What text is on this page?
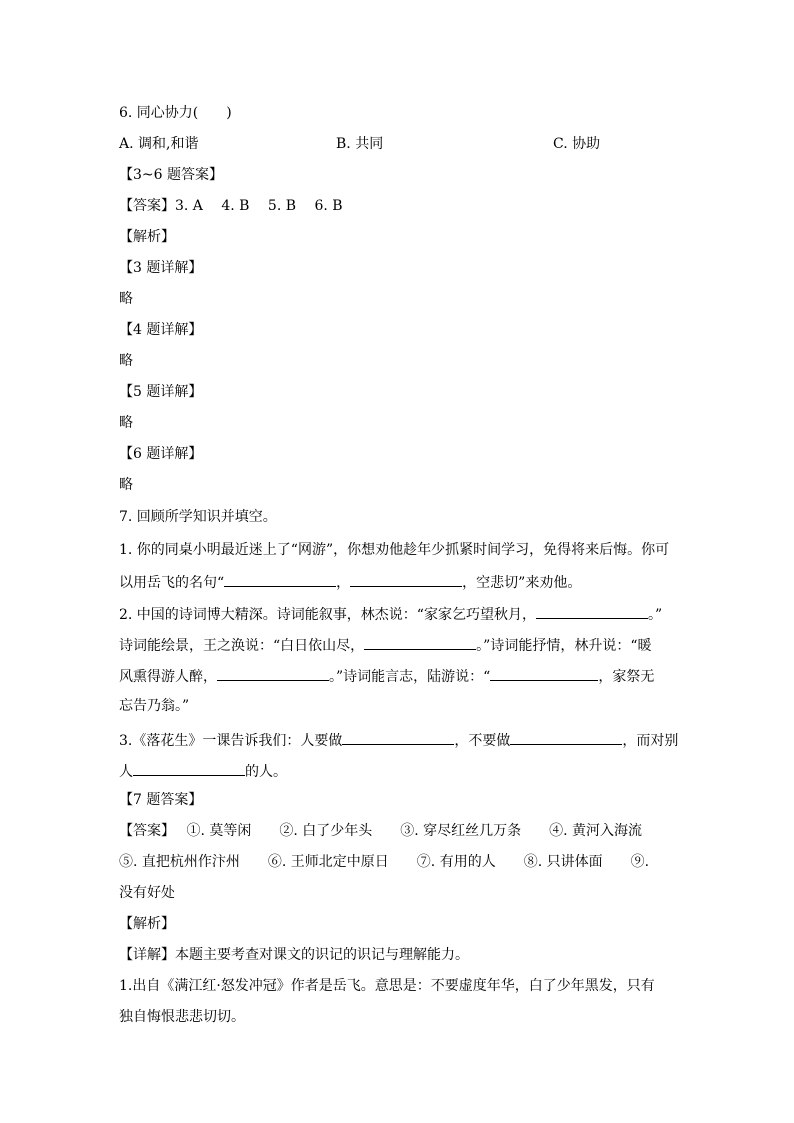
6. 同心协力(　　)
A. 调和,和谐	B. 共同	C. 协助
【3~6 题答案】
【答案】3. A　 4. B　 5. B　 6. B
【解析】
【3 题详解】
略
【4 题详解】
略
【5 题详解】
略
【6 题详解】
略
7. 回顾所学知识并填空。
1. 你的同桌小明最近迷上了“网游”，你想劝他趁年少抓紧时间学习，免得将来后悔。你可
以用岳飞的名句“	，	，空悲切”来劝他。
2. 中国的诗词博大精深。诗词能叙事，林杰说：“家家乞巧望秋月，	。”
诗词能绘景，王之涣说：“白日依山尽，	。”诗词能抒情，林升说：“暖
风熏得游人醉，	。”诗词能言志，陆游说：“	，家祭无
忘告乃翁。”
3.《落花生》一课告诉我们：人要做	，不要做	，而对别
人	的人。
【7 题答案】
【答案】　 ①. 莫等闲　　②. 白了少年头　　③. 穿尽红丝几万条　　④. 黄河入海流
⑤. 直把杭州作汴州　　⑥. 王师北定中原日　　⑦. 有用的人　　⑧. 只讲体面　　⑨.
没有好处
【解析】
【详解】本题主要考查对课文的识记的识记与理解能力。
1.出自《满江红·怒发冲冠》作者是岳飞。意思是：不要虚度年华，白了少年黑发，只有
独自悔恨悲悲切切。
